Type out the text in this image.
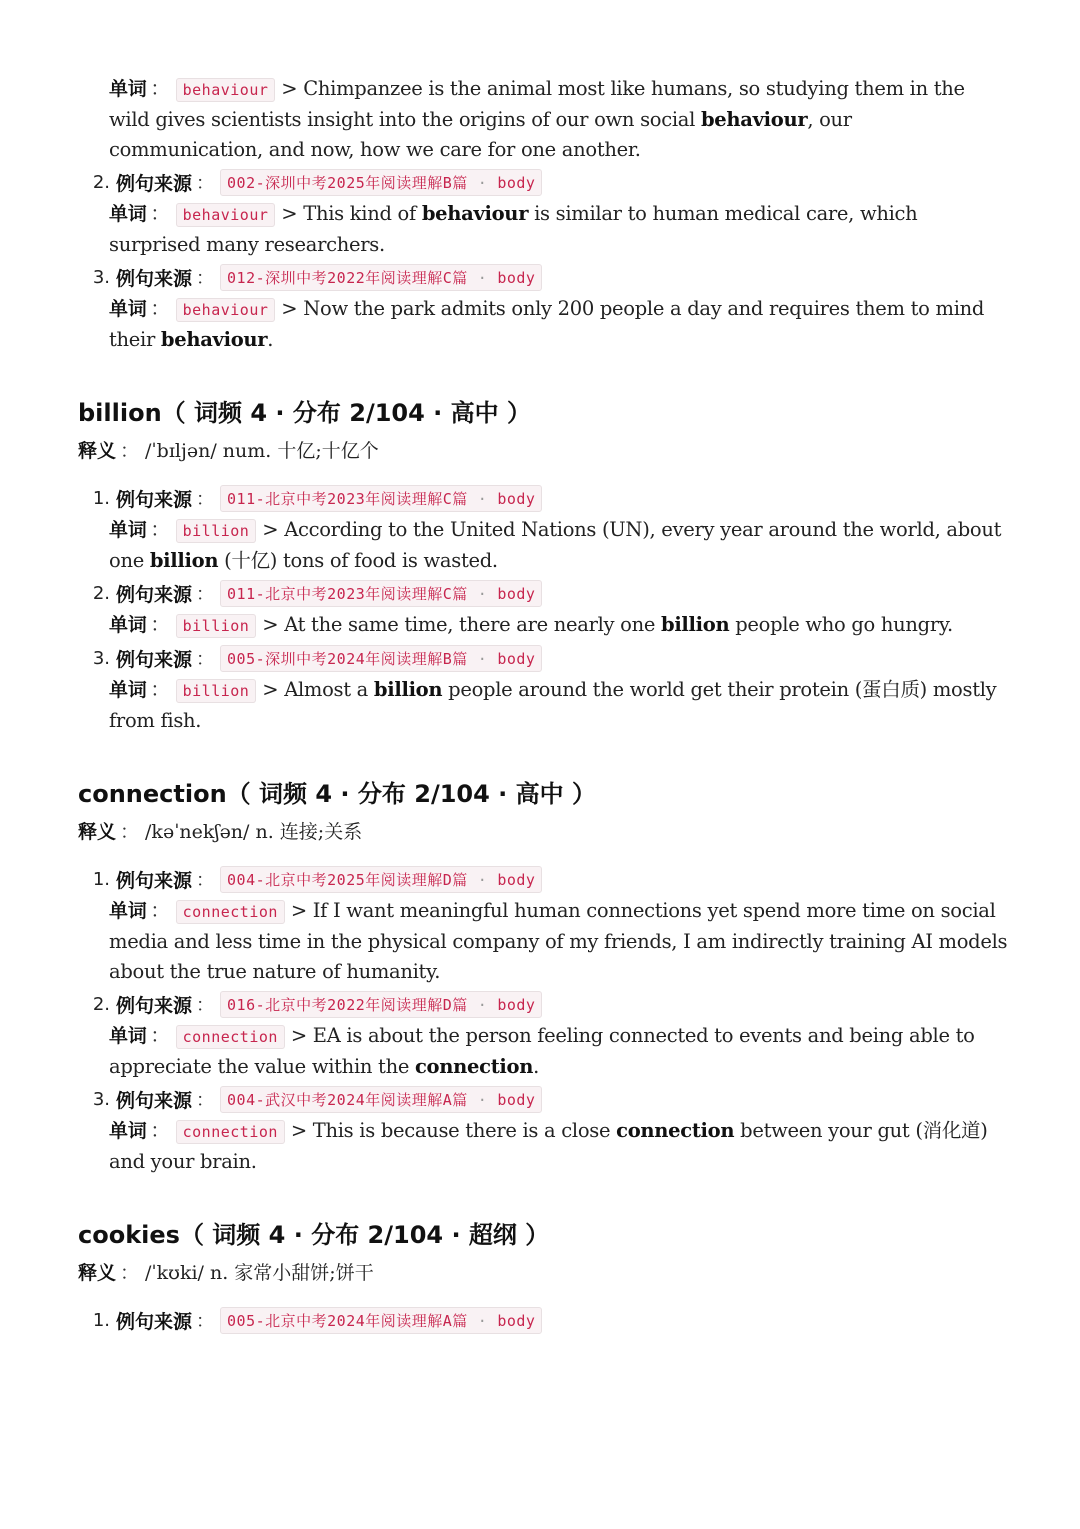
单词 ： behaviour > Chimpanzee is the animal most like humans, so studying them in the wild gives scientists insight into the origins of our own social behaviour, our communication, and now, how we care for one another.
2. 例句来源 ： 002-深圳中考2025年阅读理解B篇 · body
单词 ： behaviour > This kind of behaviour is similar to human medical care, which surprised many researchers.
3. 例句来源 ： 012-深圳中考2022年阅读理解C篇 · body
单词 ： behaviour > Now the park admits only 200 people a day and requires them to mind their behaviour.
billion（ 词频 4 · 分布 2/104 · 高中 ）
释义 ： /ˈbɪljən/ num. 十亿;十亿个
1. 例句来源 ： 011-北京中考2023年阅读理解C篇 · body
单词 ： billion > According to the United Nations (UN), every year around the world, about one billion (十亿) tons of food is wasted.
2. 例句来源 ： 011-北京中考2023年阅读理解C篇 · body
单词 ： billion > At the same time, there are nearly one billion people who go hungry.
3. 例句来源 ： 005-深圳中考2024年阅读理解B篇 · body
单词 ： billion > Almost a billion people around the world get their protein (蛋白质) mostly from fish.
connection（ 词频 4 · 分布 2/104 · 高中 ）
释义 ： /kəˈnekʃən/ n. 连接;关系
1. 例句来源 ： 004-北京中考2025年阅读理解D篇 · body
单词 ： connection > If I want meaningful human connections yet spend more time on social media and less time in the physical company of my friends, I am indirectly training AI models about the true nature of humanity.
2. 例句来源 ： 016-北京中考2022年阅读理解D篇 · body
单词 ： connection > EA is about the person feeling connected to events and being able to appreciate the value within the connection.
3. 例句来源 ： 004-武汉中考2024年阅读理解A篇 · body
单词 ： connection > This is because there is a close connection between your gut (消化道) and your brain.
cookies（ 词频 4 · 分布 2/104 · 超纲 ）
释义 ： /ˈkʊki/ n. 家常小甜饼;饼干
1. 例句来源 ： 005-北京中考2024年阅读理解A篇 · body
